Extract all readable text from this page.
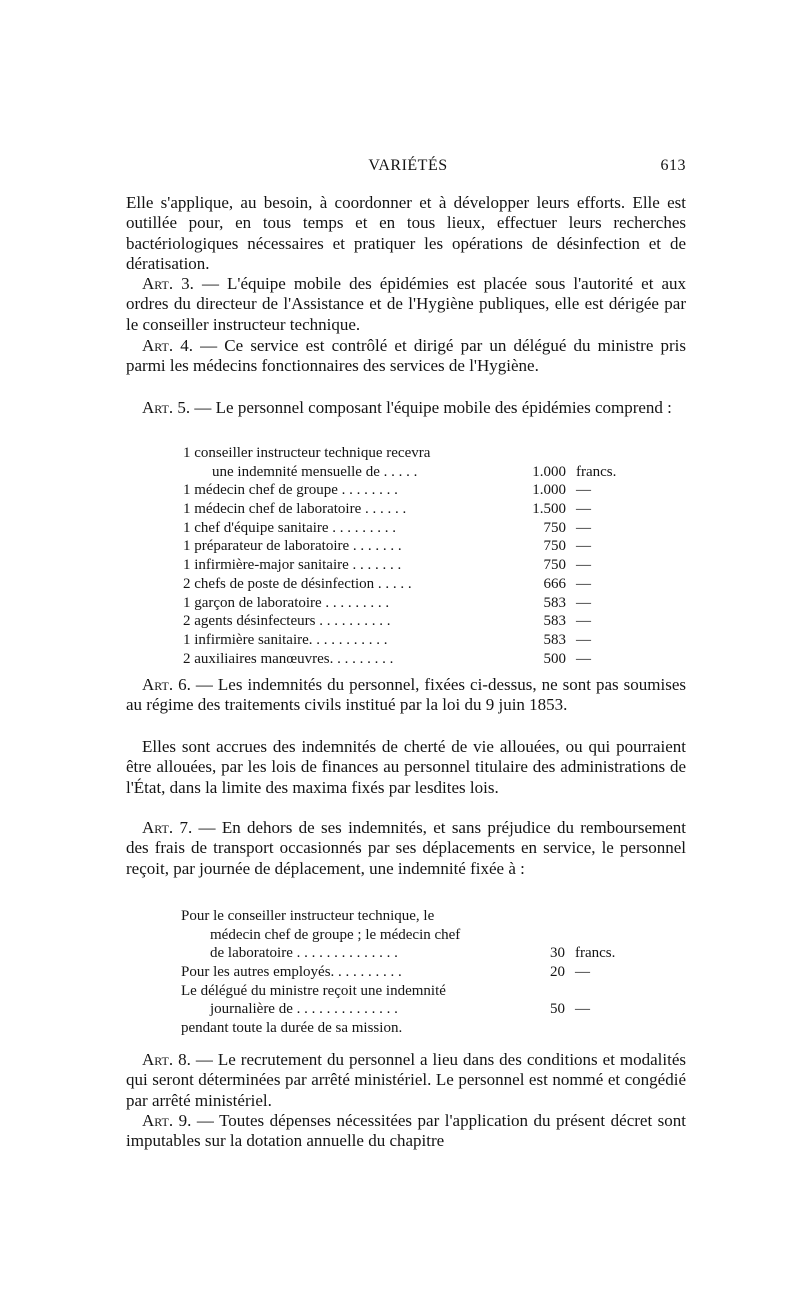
VARIÉTÉS	613
Elle s'applique, au besoin, à coordonner et à développer leurs efforts. Elle est outillée pour, en tous temps et en tous lieux, effectuer leurs recherches bactériologiques nécessaires et pratiquer les opérations de désinfection et de dératisation.
Art. 3. — L'équipe mobile des épidémies est placée sous l'autorité et aux ordres du directeur de l'Assistance et de l'Hygiène publiques, elle est dérigée par le conseiller instructeur technique.
Art. 4. — Ce service est contrôlé et dirigé par un délégué du ministre pris parmi les médecins fonctionnaires des services de l'Hygiène.
Art. 5. — Le personnel composant l'équipe mobile des épidémies comprend :
1 conseiller instructeur technique recevra
une indemnité mensuelle de . . . . .	1.000 francs.
1 médecin chef de groupe . . . . . . . .	1.000 —
1 médecin chef de laboratoire . . . . . .	1.500 —
1 chef d'équipe sanitaire . . . . . . . . .	750 —
1 préparateur de laboratoire . . . . . . .	750 —
1 infirmière-major sanitaire . . . . . . .	750 —
2 chefs de poste de désinfection . . . . .	666 —
1 garçon de laboratoire . . . . . . . . .	583 —
2 agents désinfecteurs . . . . . . . . . .	583 —
1 infirmière sanitaire. . . . . . . . . . .	583 —
2 auxiliaires manœuvres. . . . . . . . .	500 —
Art. 6. — Les indemnités du personnel, fixées ci-dessus, ne sont pas soumises au régime des traitements civils institué par la loi du 9 juin 1853.
Elles sont accrues des indemnités de cherté de vie allouées, ou qui pourraient être allouées, par les lois de finances au personnel titulaire des administrations de l'État, dans la limite des maxima fixés par lesdites lois.
Art. 7. — En dehors de ses indemnités, et sans préjudice du remboursement des frais de transport occasionnés par ses déplacements en service, le personnel reçoit, par journée de déplacement, une indemnité fixée à :
Pour le conseiller instructeur technique, le
médecin chef de groupe ; le médecin chef
de laboratoire . . . . . . . . . . . . . .	30 francs.
Pour les autres employés. . . . . . . . . .	20 —
Le délégué du ministre reçoit une indemnité
journalière de . . . . . . . . . . . . . .	50 —
pendant toute la durée de sa mission.
Art. 8. — Le recrutement du personnel a lieu dans des conditions et modalités qui seront déterminées par arrêté ministériel. Le personnel est nommé et congédié par arrêté ministériel.
Art. 9. — Toutes dépenses nécessitées par l'application du présent décret sont imputables sur la dotation annuelle du chapitre
